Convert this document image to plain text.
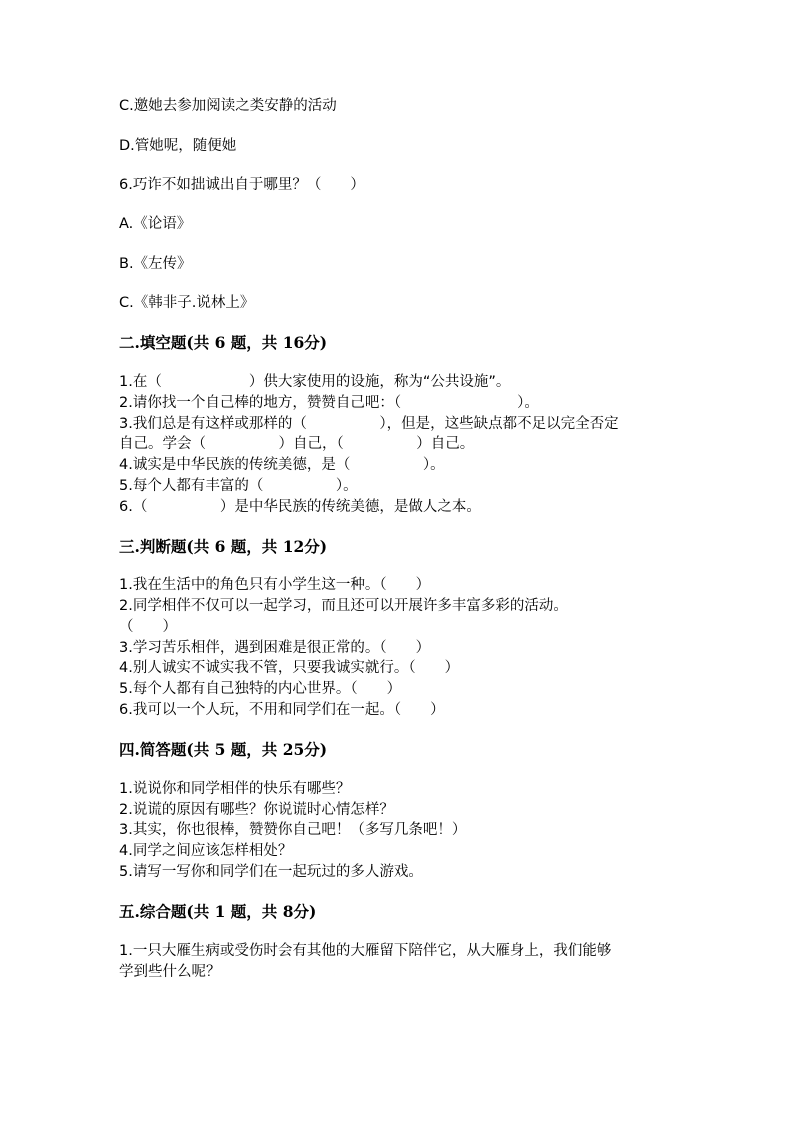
C.邀她去参加阅读之类安静的活动
D.管她呢，随便她
6.巧诈不如拙诚出自于哪里？（　　）
A.《论语》
B.《左传》
C.《韩非子.说林上》
二.填空题(共 6 题，共 16分)
1.在（　　　　　　）供大家使用的设施，称为“公共设施”。
2.请你找一个自己棒的地方，赞赞自己吧：（　　　　　　　　）。
3.我们总是有这样或那样的（　　　　　），但是，这些缺点都不足以完全否定
自己。学会（　　　　　）自己，（　　　　　）自己。
4.诚实是中华民族的传统美德，是（　　　　　）。
5.每个人都有丰富的（　　　　　）。
6.（　　　　　）是中华民族的传统美德，是做人之本。
三.判断题(共 6 题，共 12分)
1.我在生活中的角色只有小学生这一种。（　　）
2.同学相伴不仅可以一起学习，而且还可以开展许多丰富多彩的活动。
（　　）
3.学习苦乐相伴，遇到困难是很正常的。（　　）
4.别人诚实不诚实我不管，只要我诚实就行。（　　）
5.每个人都有自己独特的内心世界。（　　）
6.我可以一个人玩，不用和同学们在一起。（　　）
四.简答题(共 5 题，共 25分)
1.说说你和同学相伴的快乐有哪些？
2.说谎的原因有哪些？你说谎时心情怎样？
3.其实，你也很棒，赞赞你自己吧！（多写几条吧！）
4.同学之间应该怎样相处？
5.请写一写你和同学们在一起玩过的多人游戏。
五.综合题(共 1 题，共 8分)
1.一只大雁生病或受伤时会有其他的大雁留下陪伴它，从大雁身上，我们能够
学到些什么呢？
